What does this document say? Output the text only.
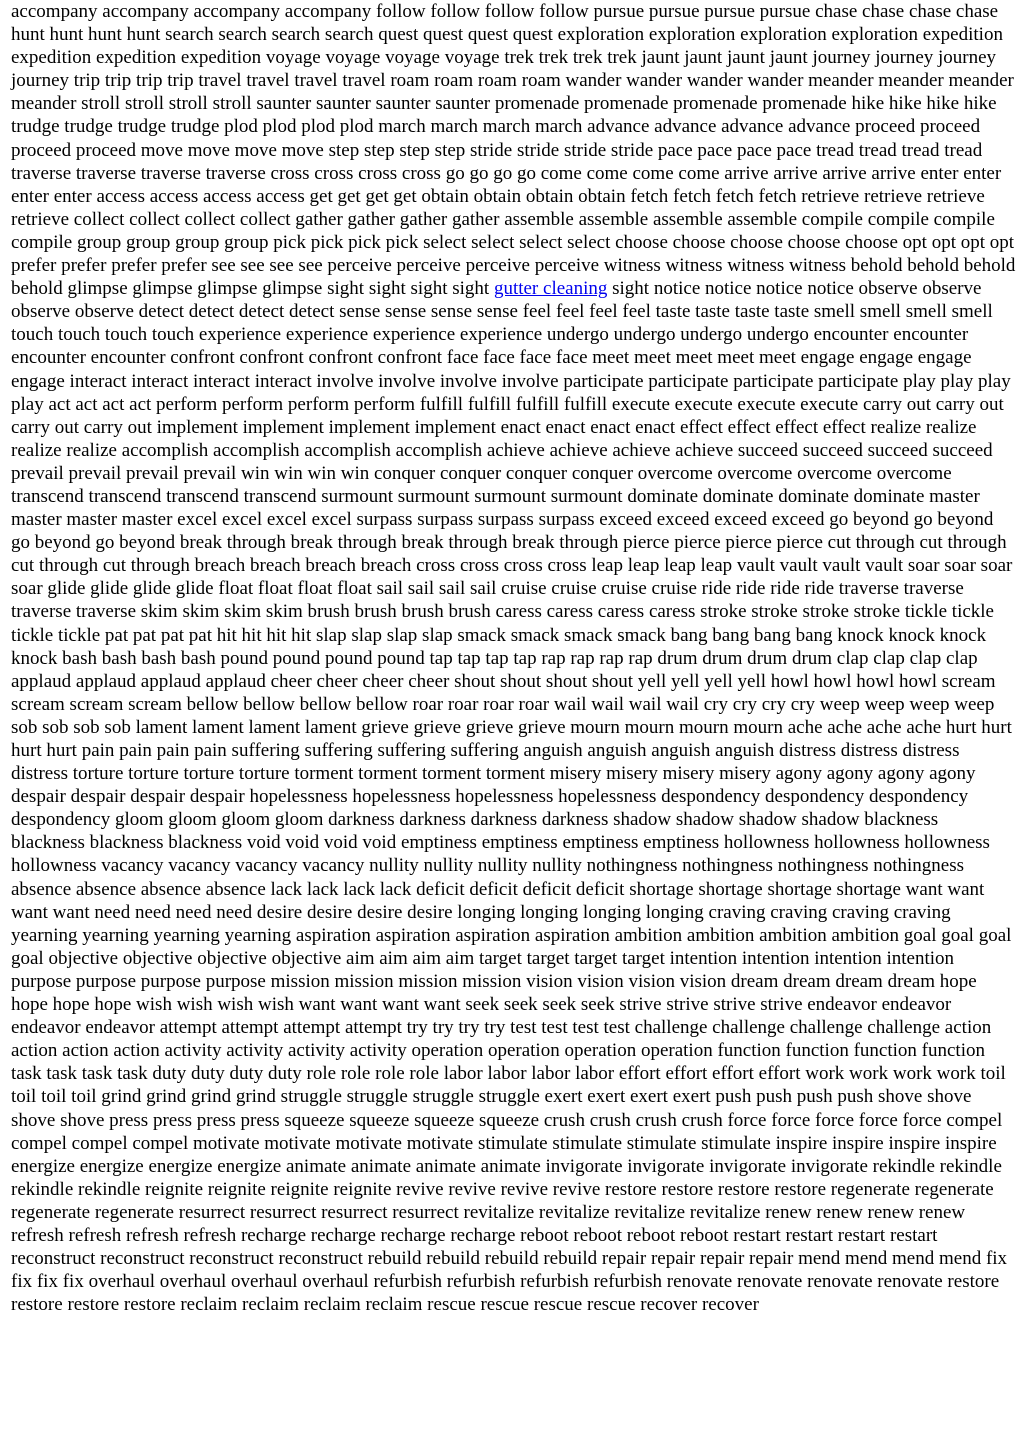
accompany accompany accompany accompany follow follow follow follow pursue pursue pursue pursue chase chase chase chase hunt hunt hunt hunt search search search search quest quest quest quest exploration exploration exploration exploration expedition expedition expedition expedition voyage voyage voyage voyage trek trek trek trek jaunt jaunt jaunt jaunt journey journey journey journey trip trip trip trip travel travel travel travel roam roam roam roam wander wander wander wander meander meander meander meander stroll stroll stroll stroll saunter saunter saunter saunter promenade promenade promenade promenade hike hike hike hike trudge trudge trudge trudge plod plod plod plod march march march march advance advance advance advance proceed proceed proceed proceed move move move move step step step step stride stride stride stride pace pace pace pace tread tread tread tread traverse traverse traverse traverse cross cross cross cross go go go go come come come come arrive arrive arrive arrive enter enter enter enter access access access access get get get get obtain obtain obtain obtain fetch fetch fetch fetch retrieve retrieve retrieve retrieve collect collect collect collect gather gather gather gather assemble assemble assemble assemble compile compile compile compile group group group group pick pick pick pick select select select select choose choose choose choose choose opt opt opt opt prefer prefer prefer prefer see see see see perceive perceive perceive perceive witness witness witness witness behold behold behold behold glimpse glimpse glimpse glimpse sight sight sight sight gutter cleaning sight notice notice notice notice observe observe observe observe detect detect detect detect sense sense sense sense feel feel feel feel taste taste taste taste smell smell smell smell touch touch touch touch experience experience experience experience undergo undergo undergo undergo encounter encounter encounter encounter confront confront confront confront face face face face meet meet meet meet meet engage engage engage engage interact interact interact interact involve involve involve involve participate participate participate participate play play play play act act act act perform perform perform perform fulfill fulfill fulfill fulfill execute execute execute execute carry out carry out carry out carry out implement implement implement implement enact enact enact enact effect effect effect effect realize realize realize realize accomplish accomplish accomplish accomplish achieve achieve achieve achieve succeed succeed succeed succeed prevail prevail prevail prevail win win win win conquer conquer conquer conquer overcome overcome overcome overcome transcend transcend transcend transcend surmount surmount surmount surmount dominate dominate dominate dominate master master master master excel excel excel excel surpass surpass surpass surpass exceed exceed exceed exceed go beyond go beyond go beyond go beyond break through break through break through break through pierce pierce pierce pierce cut through cut through cut through cut through breach breach breach breach cross cross cross cross leap leap leap leap vault vault vault vault soar soar soar soar glide glide glide glide float float float float sail sail sail sail cruise cruise cruise cruise ride ride ride ride traverse traverse traverse traverse skim skim skim skim brush brush brush brush caress caress caress caress stroke stroke stroke stroke tickle tickle tickle tickle pat pat pat pat hit hit hit hit slap slap slap slap smack smack smack smack bang bang bang bang knock knock knock knock bash bash bash bash pound pound pound pound tap tap tap tap rap rap rap rap drum drum drum drum clap clap clap clap applaud applaud applaud applaud cheer cheer cheer cheer shout shout shout shout yell yell yell yell howl howl howl howl scream scream scream scream bellow bellow bellow bellow roar roar roar roar wail wail wail wail cry cry cry cry weep weep weep weep sob sob sob sob lament lament lament lament grieve grieve grieve grieve mourn mourn mourn mourn ache ache ache ache hurt hurt hurt hurt pain pain pain pain suffering suffering suffering suffering anguish anguish anguish anguish distress distress distress distress torture torture torture torture torment torment torment torment misery misery misery misery agony agony agony agony despair despair despair despair hopelessness hopelessness hopelessness hopelessness despondency despondency despondency despondency gloom gloom gloom gloom darkness darkness darkness darkness shadow shadow shadow shadow blackness blackness blackness blackness void void void void emptiness emptiness emptiness emptiness hollowness hollowness hollowness hollowness vacancy vacancy vacancy vacancy nullity nullity nullity nullity nothingness nothingness nothingness nothingness absence absence absence absence lack lack lack lack deficit deficit deficit deficit shortage shortage shortage shortage want want want want need need need need desire desire desire desire longing longing longing longing craving craving craving craving yearning yearning yearning yearning aspiration aspiration aspiration aspiration ambition ambition ambition ambition goal goal goal goal objective objective objective objective aim aim aim aim target target target target intention intention intention intention purpose purpose purpose purpose mission mission mission mission vision vision vision vision dream dream dream dream hope hope hope hope wish wish wish wish want want want want seek seek seek seek strive strive strive strive endeavor endeavor endeavor endeavor attempt attempt attempt attempt try try try try test test test test challenge challenge challenge challenge action action action action activity activity activity activity operation operation operation operation function function function function task task task task duty duty duty duty role role role role labor labor labor labor effort effort effort effort work work work work toil toil toil toil grind grind grind grind struggle struggle struggle struggle exert exert exert exert push push push push shove shove shove shove press press press press squeeze squeeze squeeze squeeze crush crush crush crush force force force force force compel compel compel compel motivate motivate motivate motivate stimulate stimulate stimulate stimulate inspire inspire inspire inspire energize energize energize energize animate animate animate animate invigorate invigorate invigorate invigorate rekindle rekindle rekindle rekindle reignite reignite reignite reignite revive revive revive revive restore restore restore restore regenerate regenerate regenerate regenerate resurrect resurrect resurrect resurrect revitalize revitalize revitalize revitalize renew renew renew renew refresh refresh refresh refresh recharge recharge recharge recharge reboot reboot reboot reboot restart restart restart restart reconstruct reconstruct reconstruct reconstruct rebuild rebuild rebuild rebuild repair repair repair repair mend mend mend mend fix fix fix fix overhaul overhaul overhaul overhaul refurbish refurbish refurbish refurbish renovate renovate renovate renovate restore restore restore restore reclaim reclaim reclaim reclaim rescue rescue rescue rescue recover recover
